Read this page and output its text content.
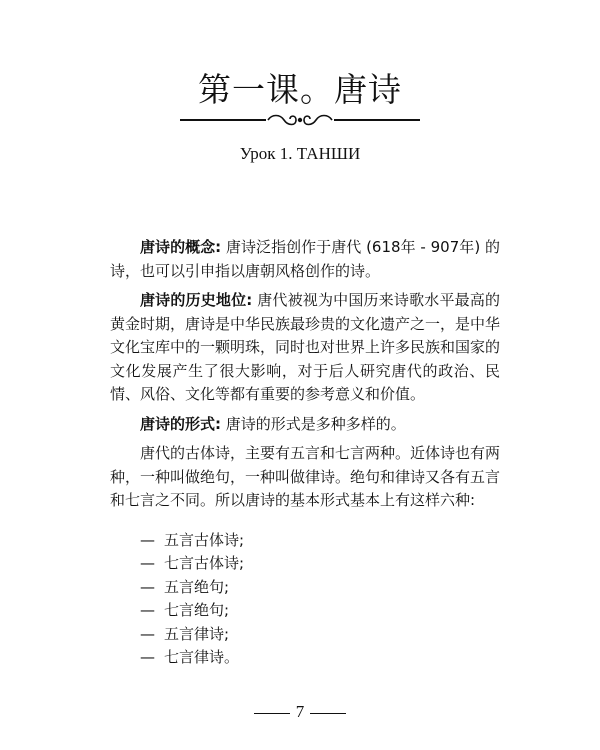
第一课。唐诗
Урок 1. ТАНШИ

唐诗的概念: 唐诗泛指创作于唐代 (618年 - 907年) 的诗，也可以引申指以唐朝风格创作的诗。

唐诗的历史地位: 唐代被视为中国历来诗歌水平最高的黄金时期，唐诗是中华民族最珍贵的文化遗产之一，是中华文化宝库中的一颗明珠，同时也对世界上许多民族和国家的文化发展产生了很大影响，对于后人研究唐代的政治、民情、风俗、文化等都有重要的参考意义和价值。

唐诗的形式: 唐诗的形式是多种多样的。

唐代的古体诗，主要有五言和七言两种。近体诗也有两种，一种叫做绝句，一种叫做律诗。绝句和律诗又各有五言和七言之不同。所以唐诗的基本形式基本上有这样六种:

— 五言古体诗;
— 七言古体诗;
— 五言绝句;
— 七言绝句;
— 五言律诗;
— 七言律诗。
7
